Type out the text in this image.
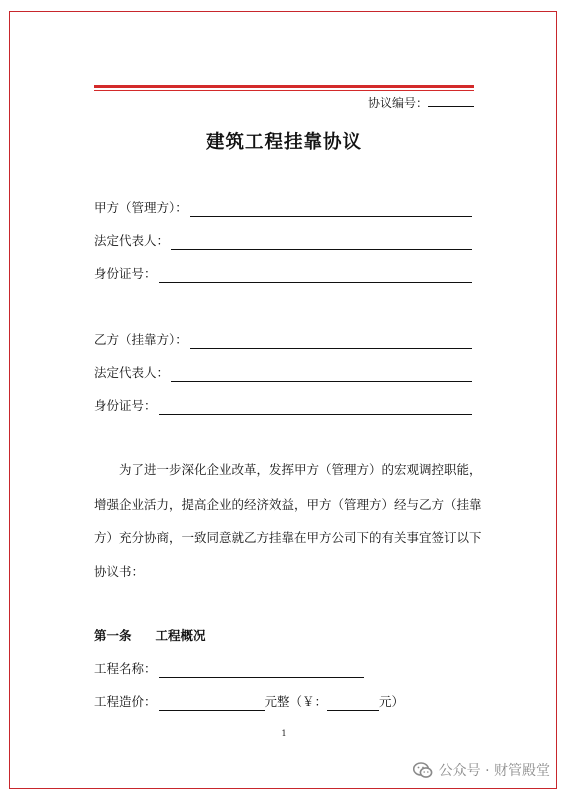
协议编号：
建筑工程挂靠协议
甲方（管理方）：
法定代表人：
身份证号：
乙方（挂靠方）：
法定代表人：
身份证号：
为了进一步深化企业改革，发挥甲方（管理方）的宏观调控职能，
增强企业活力，提高企业的经济效益，甲方（管理方）经与乙方（挂靠
方）充分协商，一致同意就乙方挂靠在甲方公司下的有关事宜签订以下
协议书：
第一条 工程概况
工程名称：
工程造价：	元整（￥：	元）
1
公众号 · 财管殿堂
